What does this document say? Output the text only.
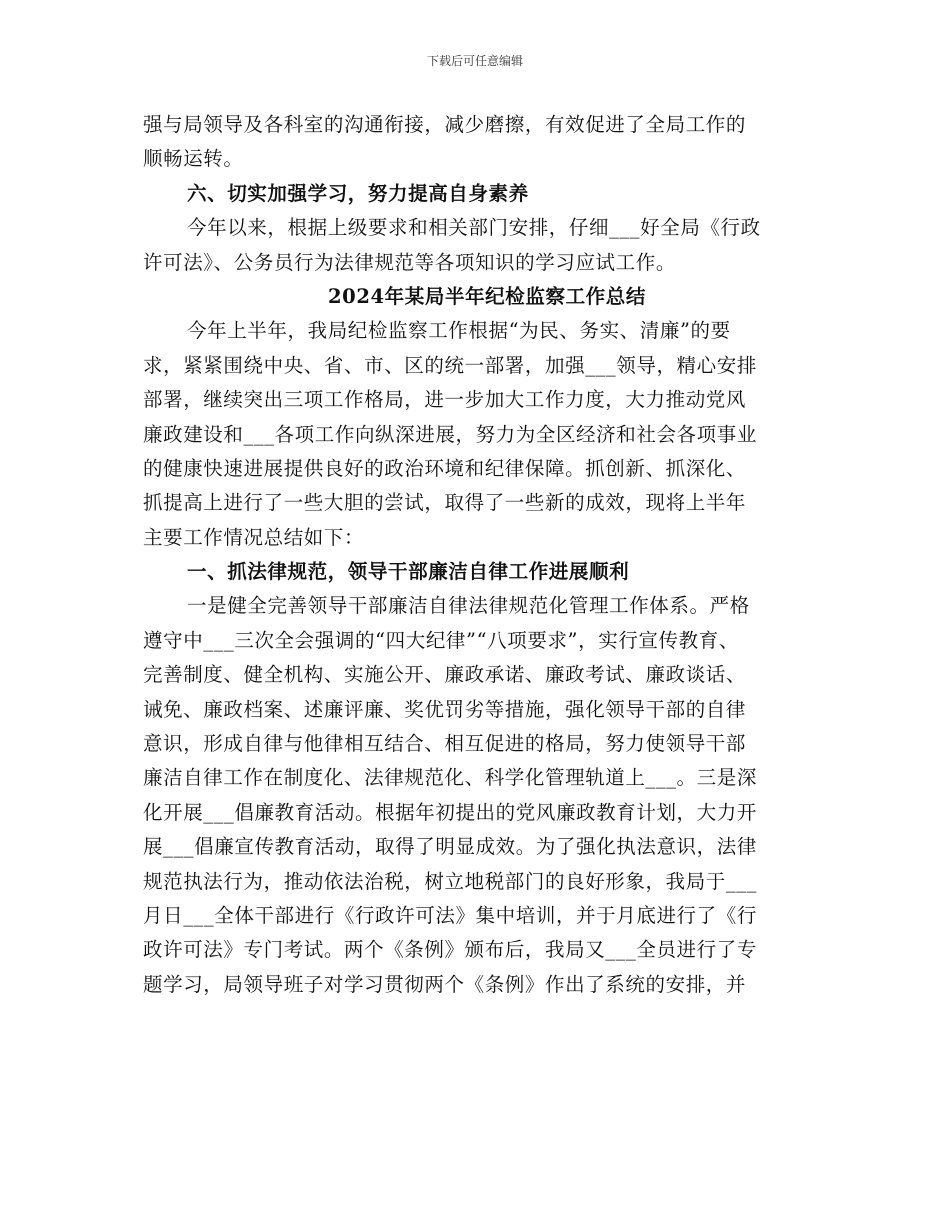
下载后可任意编辑
强与局领导及各科室的沟通衔接，减少磨擦，有效促进了全局工作的
顺畅运转。
六、切实加强学习，努力提高自身素养
今年以来，根据上级要求和相关部门安排，仔细___好全局《行政
许可法》、公务员行为法律规范等各项知识的学习应试工作。
2024年某局半年纪检监察工作总结
今年上半年，我局纪检监察工作根据“为民、务实、清廉”的要
求，紧紧围绕中央、省、市、区的统一部署，加强___领导，精心安排
部署，继续突出三项工作格局，进一步加大工作力度，大力推动党风
廉政建设和___各项工作向纵深进展，努力为全区经济和社会各项事业
的健康快速进展提供良好的政治环境和纪律保障。抓创新、抓深化、
抓提高上进行了一些大胆的尝试，取得了一些新的成效，现将上半年
主要工作情况总结如下：
一、抓法律规范，领导干部廉洁自律工作进展顺利
一是健全完善领导干部廉洁自律法律规范化管理工作体系。严格
遵守中___三次全会强调的“四大纪律”“八项要求”，实行宣传教育、
完善制度、健全机构、实施公开、廉政承诺、廉政考试、廉政谈话、
诫免、廉政档案、述廉评廉、奖优罚劣等措施，强化领导干部的自律
意识，形成自律与他律相互结合、相互促进的格局，努力使领导干部
廉洁自律工作在制度化、法律规范化、科学化管理轨道上___。三是深
化开展___倡廉教育活动。根据年初提出的党风廉政教育计划，大力开
展___倡廉宣传教育活动，取得了明显成效。为了强化执法意识，法律
规范执法行为，推动依法治税，树立地税部门的良好形象，我局于___
月日___全体干部进行《行政许可法》集中培训，并于月底进行了《行
政许可法》专门考试。两个《条例》颁布后，我局又___全员进行了专
题学习，局领导班子对学习贯彻两个《条例》作出了系统的安排，并
